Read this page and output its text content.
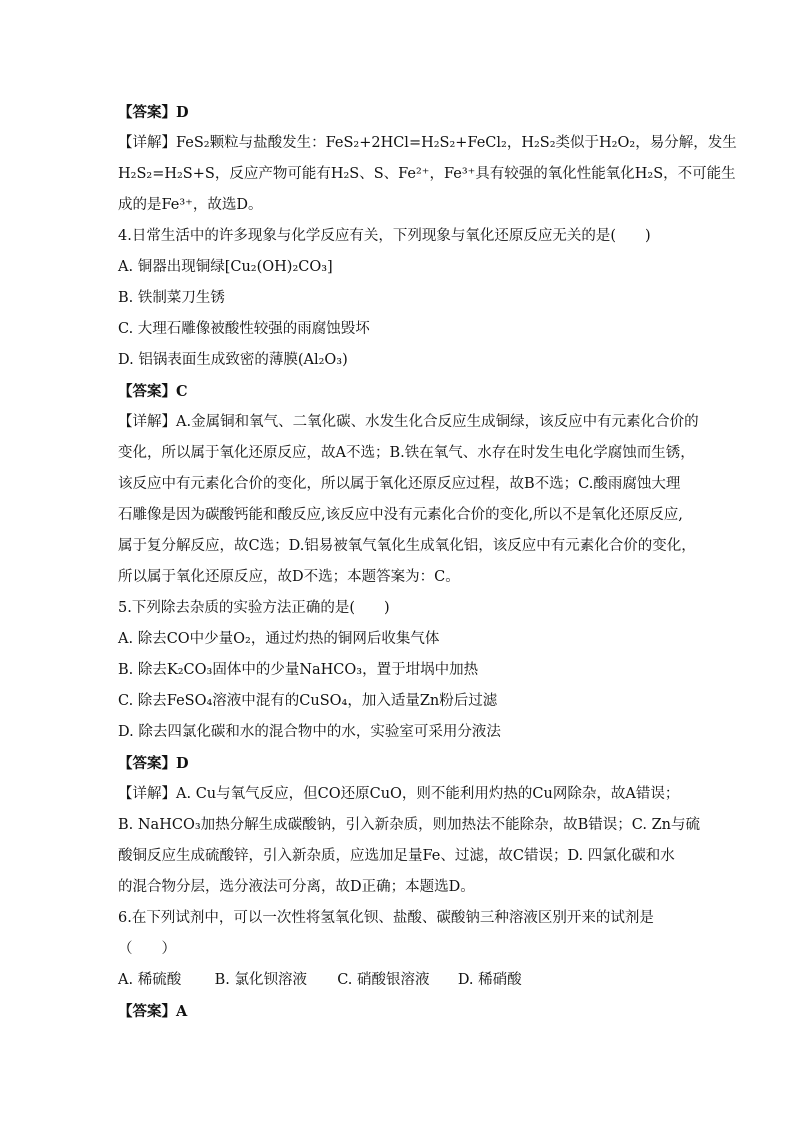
【答案】D
【详解】FeS₂颗粒与盐酸发生：FeS₂+2HCl=H₂S₂+FeCl₂，H₂S₂类似于H₂O₂，易分解，发生
H₂S₂=H₂S+S，反应产物可能有H₂S、S、Fe²⁺，Fe³⁺具有较强的氧化性能氧化H₂S，不可能生
成的是Fe³⁺，故选D。
4.日常生活中的许多现象与化学反应有关，下列现象与氧化还原反应无关的是(　　)
A. 铜器出现铜绿[Cu₂(OH)₂CO₃]
B. 铁制菜刀生锈
C. 大理石雕像被酸性较强的雨腐蚀毁坏
D. 铝锅表面生成致密的薄膜(Al₂O₃)
【答案】C
【详解】A.金属铜和氧气、二氧化碳、水发生化合反应生成铜绿，该反应中有元素化合价的
变化，所以属于氧化还原反应，故A不选；B.铁在氧气、水存在时发生电化学腐蚀而生锈，
该反应中有元素化合价的变化，所以属于氧化还原反应过程，故B不选；C.酸雨腐蚀大理
石雕像是因为碳酸钙能和酸反应,该反应中没有元素化合价的变化,所以不是氧化还原反应,
属于复分解反应，故C选；D.铝易被氧气氧化生成氧化铝，该反应中有元素化合价的变化，
所以属于氧化还原反应，故D不选；本题答案为：C。
5.下列除去杂质的实验方法正确的是(　　)
A. 除去CO中少量O₂，通过灼热的铜网后收集气体
B. 除去K₂CO₃固体中的少量NaHCO₃，置于坩埚中加热
C. 除去FeSO₄溶液中混有的CuSO₄，加入适量Zn粉后过滤
D. 除去四氯化碳和水的混合物中的水，实验室可采用分液法
【答案】D
【详解】A. Cu与氧气反应，但CO还原CuO，则不能利用灼热的Cu网除杂，故A错误；
B. NaHCO₃加热分解生成碳酸钠，引入新杂质，则加热法不能除杂，故B错误；C. Zn与硫
酸铜反应生成硫酸锌，引入新杂质，应选加足量Fe、过滤，故C错误；D. 四氯化碳和水
的混合物分层，选分液法可分离，故D正确；本题选D。
6.在下列试剂中，可以一次性将氢氧化钡、盐酸、碳酸钠三种溶液区别开来的试剂是
（　　）
A. 稀硫酸 B. 氯化钡溶液 C. 硝酸银溶液 D. 稀硝酸
【答案】A
